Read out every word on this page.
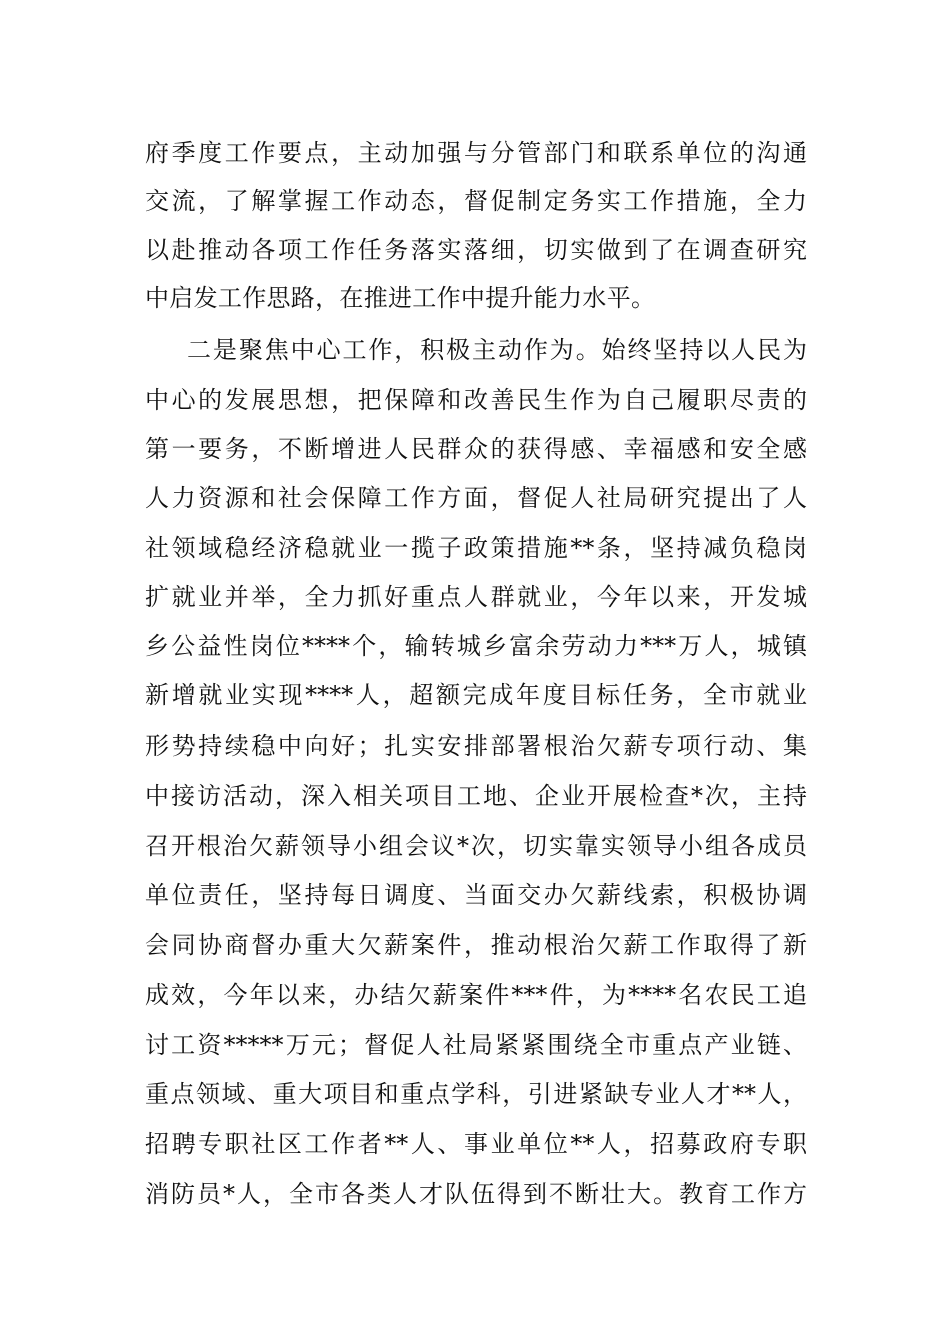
府季度工作要点，主动加强与分管部门和联系单位的沟通
交流，了解掌握工作动态，督促制定务实工作措施，全力
以赴推动各项工作任务落实落细，切实做到了在调查研究
中启发工作思路，在推进工作中提升能力水平。
二是聚焦中心工作，积极主动作为。始终坚持以人民为
中心的发展思想，把保障和改善民生作为自己履职尽责的
第一要务，不断增进人民群众的获得感、幸福感和安全感
人力资源和社会保障工作方面，督促人社局研究提出了人
社领域稳经济稳就业一揽子政策措施**条，坚持减负稳岗
扩就业并举，全力抓好重点人群就业，今年以来，开发城
乡公益性岗位****个，输转城乡富余劳动力***万人，城镇
新增就业实现****人，超额完成年度目标任务，全市就业
形势持续稳中向好；扎实安排部署根治欠薪专项行动、集
中接访活动，深入相关项目工地、企业开展检查*次，主持
召开根治欠薪领导小组会议*次，切实靠实领导小组各成员
单位责任，坚持每日调度、当面交办欠薪线索，积极协调
会同协商督办重大欠薪案件，推动根治欠薪工作取得了新
成效，今年以来，办结欠薪案件***件，为****名农民工追
讨工资*****万元；督促人社局紧紧围绕全市重点产业链、
重点领域、重大项目和重点学科，引进紧缺专业人才**人，
招聘专职社区工作者**人、事业单位**人，招募政府专职
消防员*人，全市各类人才队伍得到不断壮大。教育工作方
